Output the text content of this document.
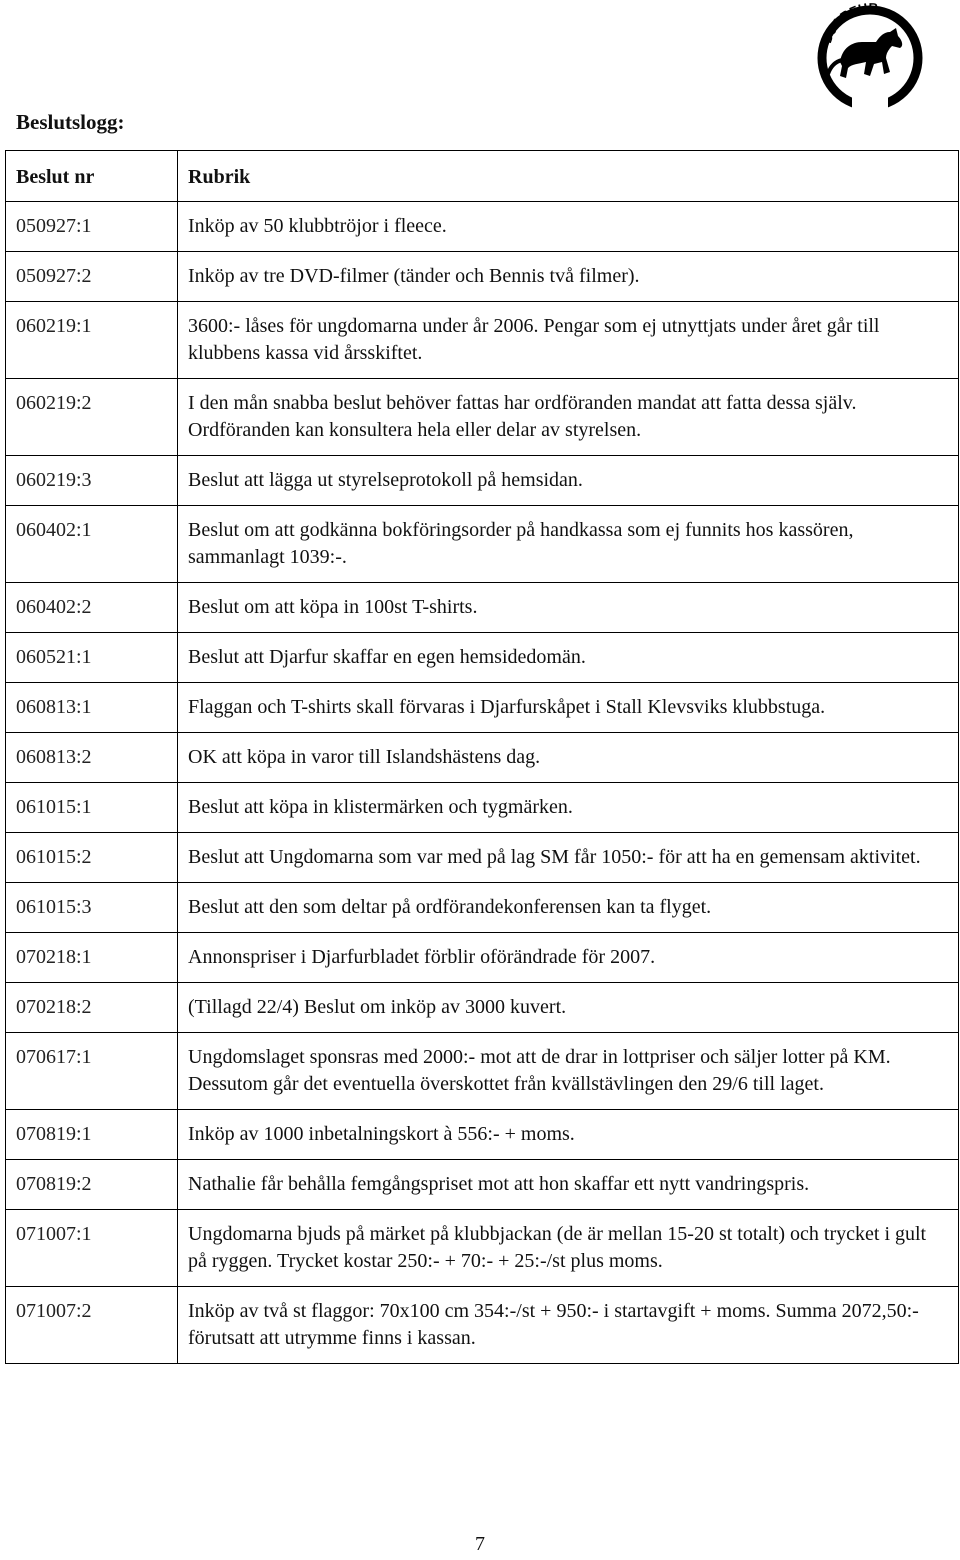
DJARFUR
Beslutslogg:
Beslut nr	Rubrik
050927:1	Inköp av 50 klubbtröjor i fleece.
050927:2	Inköp av tre DVD-filmer (tänder och Bennis två filmer).
060219:1	3600:- låses för ungdomarna under år 2006. Pengar som ej utnyttjats under året går till klubbens kassa vid årsskiftet.
060219:2	I den mån snabba beslut behöver fattas har ordföranden mandat att fatta dessa själv. Ordföranden kan konsultera hela eller delar av styrelsen.
060219:3	Beslut att lägga ut styrelseprotokoll på hemsidan.
060402:1	Beslut om att godkänna bokföringsorder på handkassa som ej funnits hos kassören, sammanlagt 1039:-.
060402:2	Beslut om att köpa in 100st T-shirts.
060521:1	Beslut att Djarfur skaffar en egen hemsidedomän.
060813:1	Flaggan och T-shirts skall förvaras i Djarfurskåpet i Stall Klevsviks klubbstuga.
060813:2	OK att köpa in varor till Islandshästens dag.
061015:1	Beslut att köpa in klistermärken och tygmärken.
061015:2	Beslut att Ungdomarna som var med på lag SM får 1050:- för att ha en gemensam aktivitet.
061015:3	Beslut att den som deltar på ordförandekonferensen kan ta flyget.
070218:1	Annonspriser i Djarfurbladet förblir oförändrade för 2007.
070218:2	(Tillagd 22/4) Beslut om inköp av 3000 kuvert.
070617:1	Ungdomslaget sponsras med 2000:- mot att de drar in lottpriser och säljer lotter på KM. Dessutom går det eventuella överskottet från kvällstävlingen den 29/6 till laget.
070819:1	Inköp av 1000 inbetalningskort à 556:- + moms.
070819:2	Nathalie får behålla femgångspriset mot att hon skaffar ett nytt vandringspris.
071007:1	Ungdomarna bjuds på märket på klubbjackan (de är mellan 15-20 st totalt) och trycket i gult på ryggen. Trycket kostar 250:- + 70:- + 25:-/st plus moms.
071007:2	Inköp av två st flaggor: 70x100 cm 354:-/st + 950:- i startavgift + moms. Summa 2072,50:- förutsatt att utrymme finns i kassan.
7
